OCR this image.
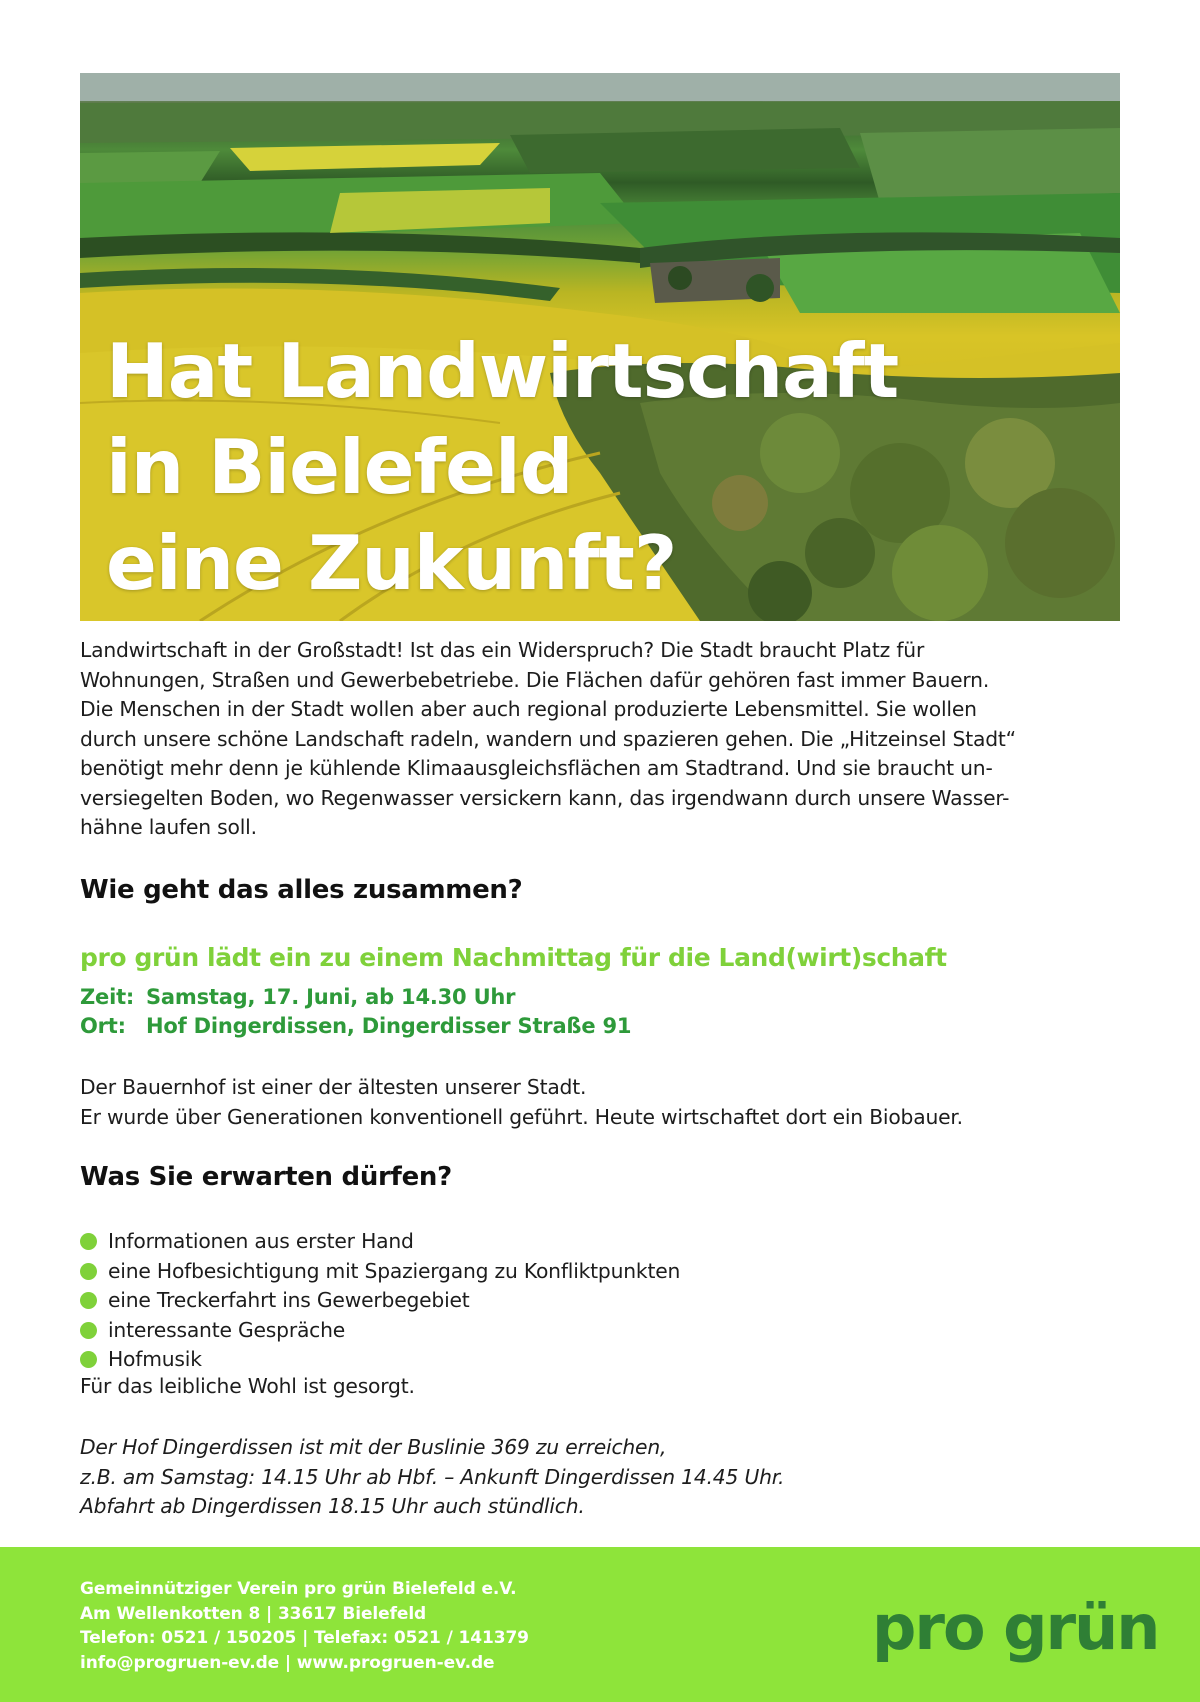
Hat Landwirtschaft
in Bielefeld
eine Zukunft?
Landwirtschaft in der Großstadt! Ist das ein Widerspruch? Die Stadt braucht Platz für
Wohnungen, Straßen und Gewerbebetriebe. Die Flächen dafür gehören fast immer Bauern.
Die Menschen in der Stadt wollen aber auch regional produzierte Lebensmittel. Sie wollen
durch unsere schöne Landschaft radeln, wandern und spazieren gehen. Die „Hitzeinsel Stadt“
benötigt mehr denn je kühlende Klimaausgleichsflächen am Stadtrand. Und sie braucht un-
versiegelten Boden, wo Regenwasser versickern kann, das irgendwann durch unsere Wasser-
hähne laufen soll.
Wie geht das alles zusammen?
pro grün lädt ein zu einem Nachmittag für die Land(wirt)schaft
Zeit: Samstag, 17. Juni, ab 14.30 Uhr
Ort: Hof Dingerdissen, Dingerdisser Straße 91
Der Bauernhof ist einer der ältesten unserer Stadt.
Er wurde über Generationen konventionell geführt. Heute wirtschaftet dort ein Biobauer.
Was Sie erwarten dürfen?
Informationen aus erster Hand
eine Hofbesichtigung mit Spaziergang zu Konfliktpunkten
eine Treckerfahrt ins Gewerbegebiet
interessante Gespräche
Hofmusik
Für das leibliche Wohl ist gesorgt.
Der Hof Dingerdissen ist mit der Buslinie 369 zu erreichen,
z.B. am Samstag: 14.15 Uhr ab Hbf. – Ankunft Dingerdissen 14.45 Uhr.
Abfahrt ab Dingerdissen 18.15 Uhr auch stündlich.
Gemeinnütziger Verein pro grün Bielefeld e.V.
Am Wellenkotten 8 | 33617 Bielefeld
Telefon: 0521 / 150205 | Telefax: 0521 / 141379
info@progruen-ev.de | www.progruen-ev.de	pro grün
